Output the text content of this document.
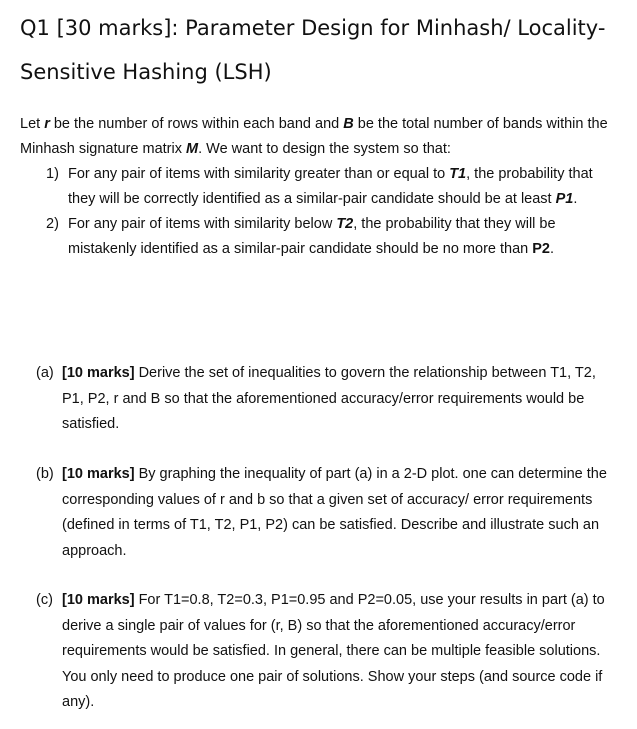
Q1 [30 marks]: Parameter Design for Minhash/ Locality-
Sensitive Hashing (LSH)
Let r be the number of rows within each band and B be the total number of bands within the Minhash signature matrix M. We want to design the system so that:
1) For any pair of items with similarity greater than or equal to T1, the probability that they will be correctly identified as a similar-pair candidate should be at least P1.
2) For any pair of items with similarity below T2, the probability that they will be mistakenly identified as a similar-pair candidate should be no more than P2.
(a) [10 marks] Derive the set of inequalities to govern the relationship between T1, T2, P1, P2, r and B so that the aforementioned accuracy/error requirements would be satisfied.
(b) [10 marks] By graphing the inequality of part (a) in a 2-D plot. one can determine the corresponding values of r and b so that a given set of accuracy/ error requirements (defined in terms of T1, T2, P1, P2) can be satisfied. Describe and illustrate such an approach.
(c) [10 marks] For T1=0.8, T2=0.3, P1=0.95 and P2=0.05, use your results in part (a) to derive a single pair of values for (r, B) so that the aforementioned accuracy/error requirements would be satisfied. In general, there can be multiple feasible solutions. You only need to produce one pair of solutions. Show your steps (and source code if any).
